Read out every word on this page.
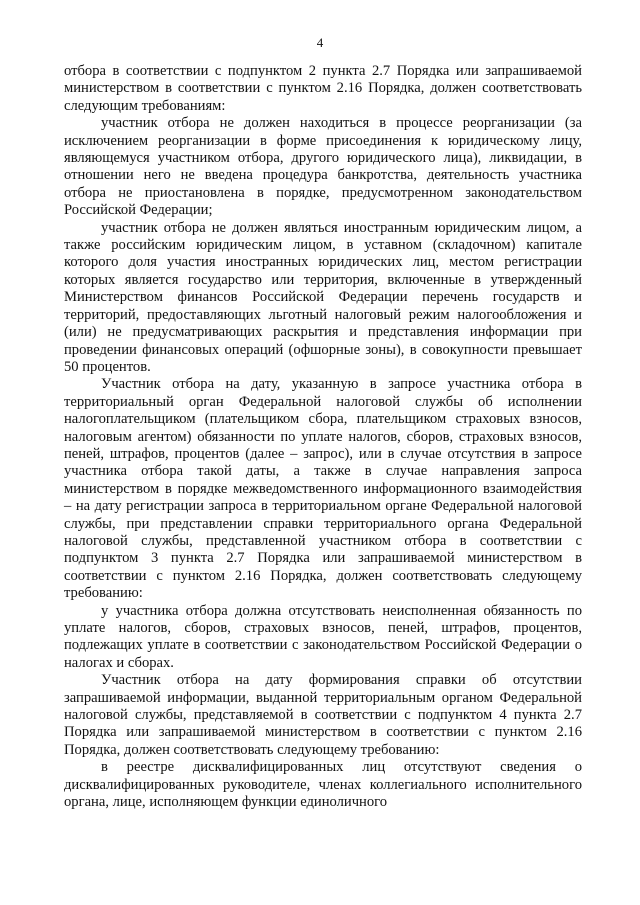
4

отбора в соответствии с подпунктом 2 пункта 2.7 Порядка или запрашиваемой министерством в соответствии с пунктом 2.16 Порядка, должен соответствовать следующим требованиям:

участник отбора не должен находиться в процессе реорганизации (за исключением реорганизации в форме присоединения к юридическому лицу, являющемуся участником отбора, другого юридического лица), ликвидации, в отношении него не введена процедура банкротства, деятельность участника отбора не приостановлена в порядке, предусмотренном законодательством Российской Федерации;

участник отбора не должен являться иностранным юридическим лицом, а также российским юридическим лицом, в уставном (складочном) капитале которого доля участия иностранных юридических лиц, местом регистрации которых является государство или территория, включенные в утвержденный Министерством финансов Российской Федерации перечень государств и территорий, предоставляющих льготный налоговый режим налогообложения и (или) не предусматривающих раскрытия и представления информации при проведении финансовых операций (офшорные зоны), в совокупности превышает 50 процентов.

Участник отбора на дату, указанную в запросе участника отбора в территориальный орган Федеральной налоговой службы об исполнении налогоплательщиком (плательщиком сбора, плательщиком страховых взносов, налоговым агентом) обязанности по уплате налогов, сборов, страховых взносов, пеней, штрафов, процентов (далее – запрос), или в случае отсутствия в запросе участника отбора такой даты, а также в случае направления запроса министерством в порядке межведомственного информационного взаимодействия – на дату регистрации запроса в территориальном органе Федеральной налоговой службы, при представлении справки территориального органа Федеральной налоговой службы, представленной участником отбора в соответствии с подпунктом 3 пункта 2.7 Порядка или запрашиваемой министерством в соответствии с пунктом 2.16 Порядка, должен соответствовать следующему требованию:

у участника отбора должна отсутствовать неисполненная обязанность по уплате налогов, сборов, страховых взносов, пеней, штрафов, процентов, подлежащих уплате в соответствии с законодательством Российской Федерации о налогах и сборах.

Участник отбора на дату формирования справки об отсутствии запрашиваемой информации, выданной территориальным органом Федеральной налоговой службы, представляемой в соответствии с подпунктом 4 пункта 2.7 Порядка или запрашиваемой министерством в соответствии с пунктом 2.16 Порядка, должен соответствовать следующему требованию:

в реестре дисквалифицированных лиц отсутствуют сведения о дисквалифицированных руководителе, членах коллегиального исполнительного органа, лице, исполняющем функции единоличного
